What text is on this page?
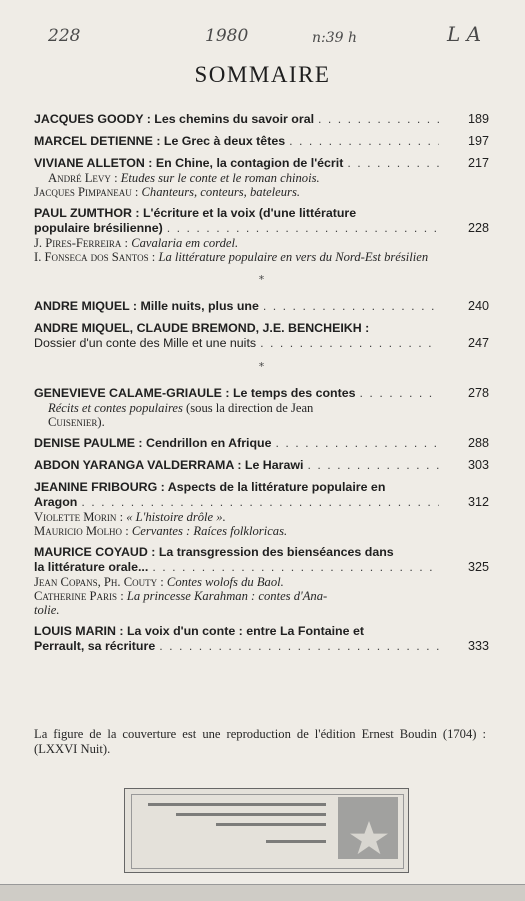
228	1980	n:39 h	L A
SOMMAIRE
JACQUES GOODY : Les chemins du savoir oral . . .	189
MARCEL DETIENNE : Le Grec à deux têtes . . .	197
VIVIANE ALLETON : En Chine, la contagion de l'écrit . . .	217
André Levy : Etudes sur le conte et le roman chinois.
Jacques Pimpaneau : Chanteurs, conteurs, bateleurs.
PAUL ZUMTHOR : L'écriture et la voix (d'une littérature
populaire brésilienne) . . .	228
J. Pires-Ferreira : Cavalaria em cordel.
I. Fonseca dos Santos : La littérature populaire en vers du Nord-Est brésilien
*
ANDRE MIQUEL : Mille nuits, plus une . . .	240
ANDRE MIQUEL, CLAUDE BREMOND, J.E. BENCHEIKH :
Dossier d'un conte des Mille et une nuits . . .	247
*
GENEVIEVE CALAME-GRIAULE : Le temps des contes . . .	278
Récits et contes populaires (sous la direction de Jean
Cuisenier).
DENISE PAULME : Cendrillon en Afrique . . .	288
ABDON YARANGA VALDERRAMA : Le Harawi . . .	303
JEANINE FRIBOURG : Aspects de la littérature populaire en
Aragon . . .	312
Violette Morin : « L'histoire drôle ».
Mauricio Molho : Cervantes : Raíces folkloricas.
MAURICE COYAUD : La transgression des bienséances dans
la littérature orale... . . .	325
Jean Copans, Ph. Couty : Contes wolofs du Baol.
Catherine Paris : La princesse Karahman : contes d'Ana-
tolie.
LOUIS MARIN : La voix d'un conte : entre La Fontaine et
Perrault, sa récriture . . .	333
La figure de la couverture est une reproduction de l'édition Ernest Boudin (1704) : (LXXVI Nuit).
